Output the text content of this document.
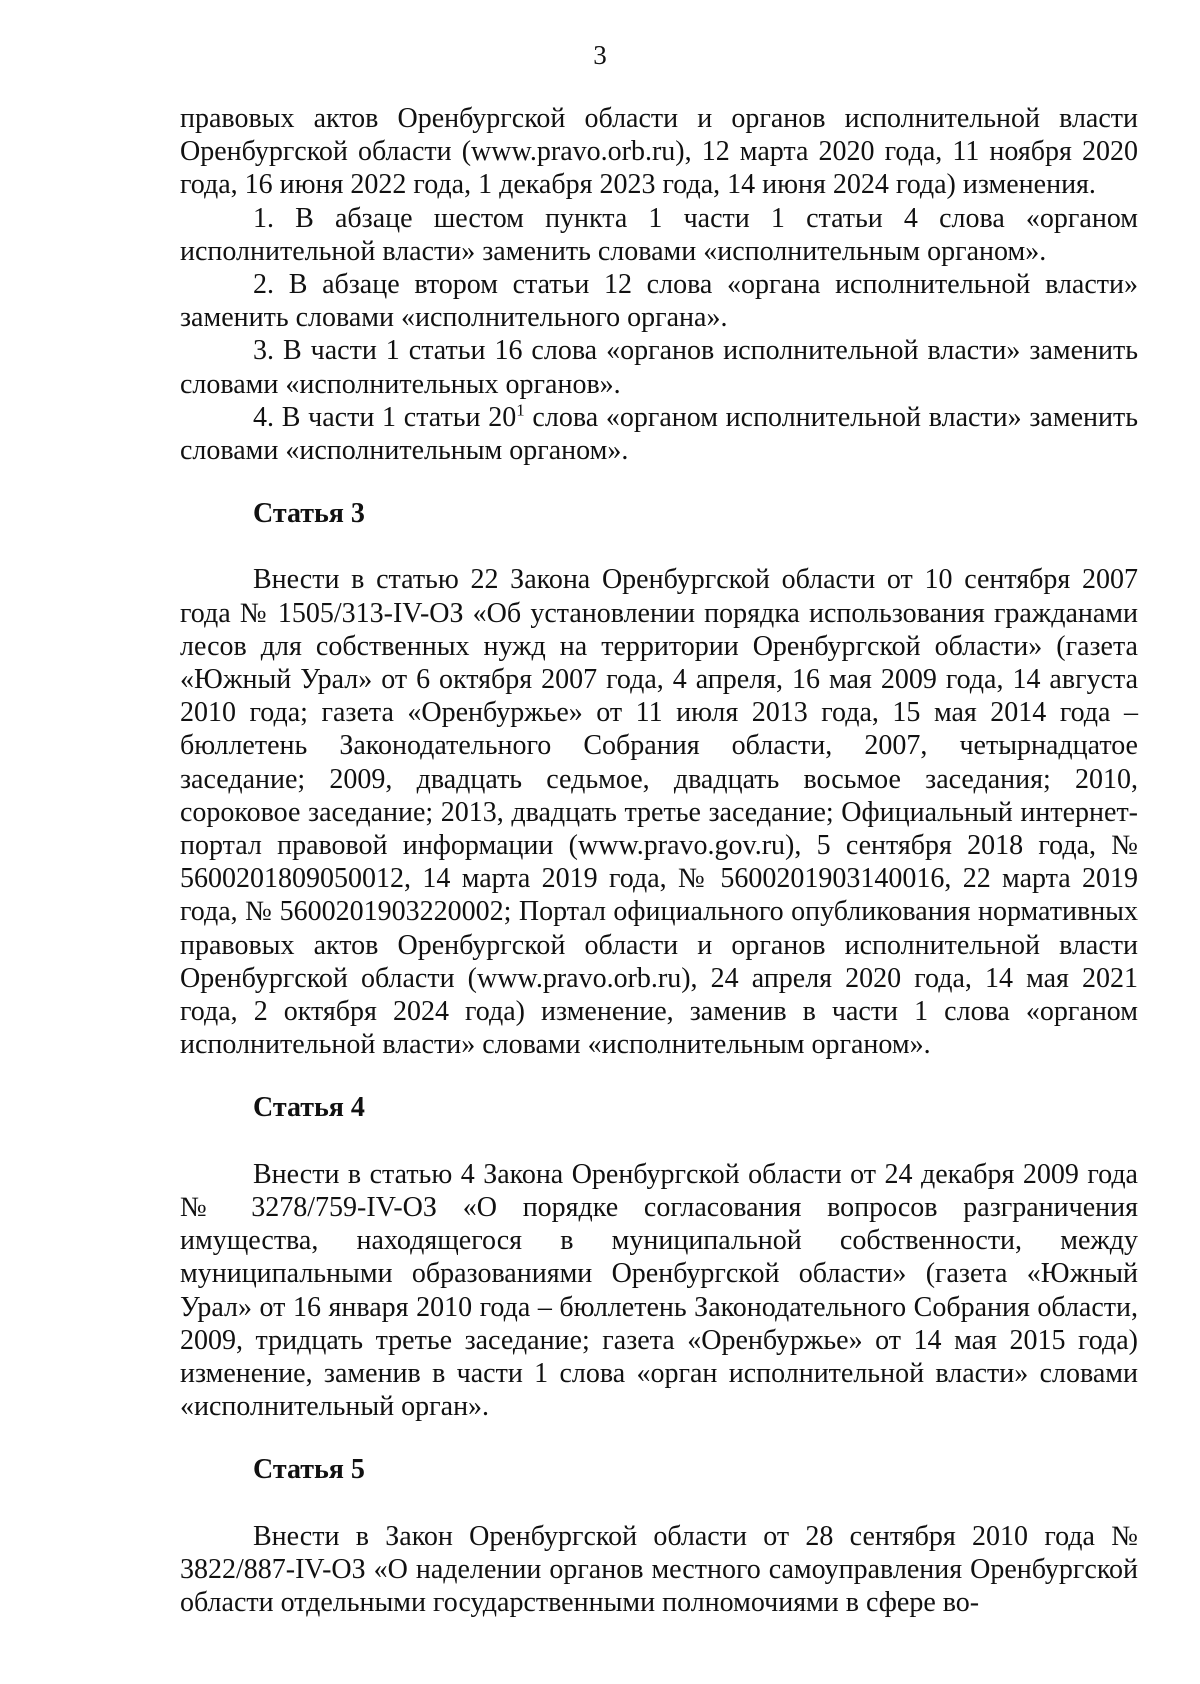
3

правовых актов Оренбургской области и органов исполнительной власти Оренбургской области (www.pravo.orb.ru), 12 марта 2020 года, 11 ноября 2020 года, 16 июня 2022 года, 1 декабря 2023 года, 14 июня 2024 года) изменения.

1. В абзаце шестом пункта 1 части 1 статьи 4 слова «органом исполнительной власти» заменить словами «исполнительным органом».

2. В абзаце втором статьи 12 слова «органа исполнительной власти» заменить словами «исполнительного органа».

3. В части 1 статьи 16 слова «органов исполнительной власти» заменить словами «исполнительных органов».

4. В части 1 статьи $20^1$ слова «органом исполнительной власти» заменить словами «исполнительным органом».

Статья 3

Внести в статью 22 Закона Оренбургской области от 10 сентября 2007 года № 1505/313-IV-ОЗ «Об установлении порядка использования гражданами лесов для собственных нужд на территории Оренбургской области» (газета «Южный Урал» от 6 октября 2007 года, 4 апреля, 16 мая 2009 года, 14 августа 2010 года; газета «Оренбуржье» от 11 июля 2013 года, 15 мая 2014 года – бюллетень Законодательного Собрания области, 2007, четырнадцатое заседание; 2009, двадцать седьмое, двадцать восьмое заседания; 2010, сороковое заседание; 2013, двадцать третье заседание; Официальный интернет-портал правовой информации (www.pravo.gov.ru), 5 сентября 2018 года, № 5600201809050012, 14 марта 2019 года, № 5600201903140016, 22 марта 2019 года, № 5600201903220002; Портал официального опубликования нормативных правовых актов Оренбургской области и органов исполнительной власти Оренбургской области (www.pravo.orb.ru), 24 апреля 2020 года, 14 мая 2021 года, 2 октября 2024 года) изменение, заменив в части 1 слова «органом исполнительной власти» словами «исполнительным органом».

Статья 4

Внести в статью 4 Закона Оренбургской области от 24 декабря 2009 года № 3278/759-IV-ОЗ «О порядке согласования вопросов разграничения имущества, находящегося в муниципальной собственности, между муниципальными образованиями Оренбургской области» (газета «Южный Урал» от 16 января 2010 года – бюллетень Законодательного Собрания области, 2009, тридцать третье заседание; газета «Оренбуржье» от 14 мая 2015 года) изменение, заменив в части 1 слова «орган исполнительной власти» словами «исполнительный орган».

Статья 5

Внести в Закон Оренбургской области от 28 сентября 2010 года № 3822/887-IV-ОЗ «О наделении органов местного самоуправления Оренбургской области отдельными государственными полномочиями в сфере во-
